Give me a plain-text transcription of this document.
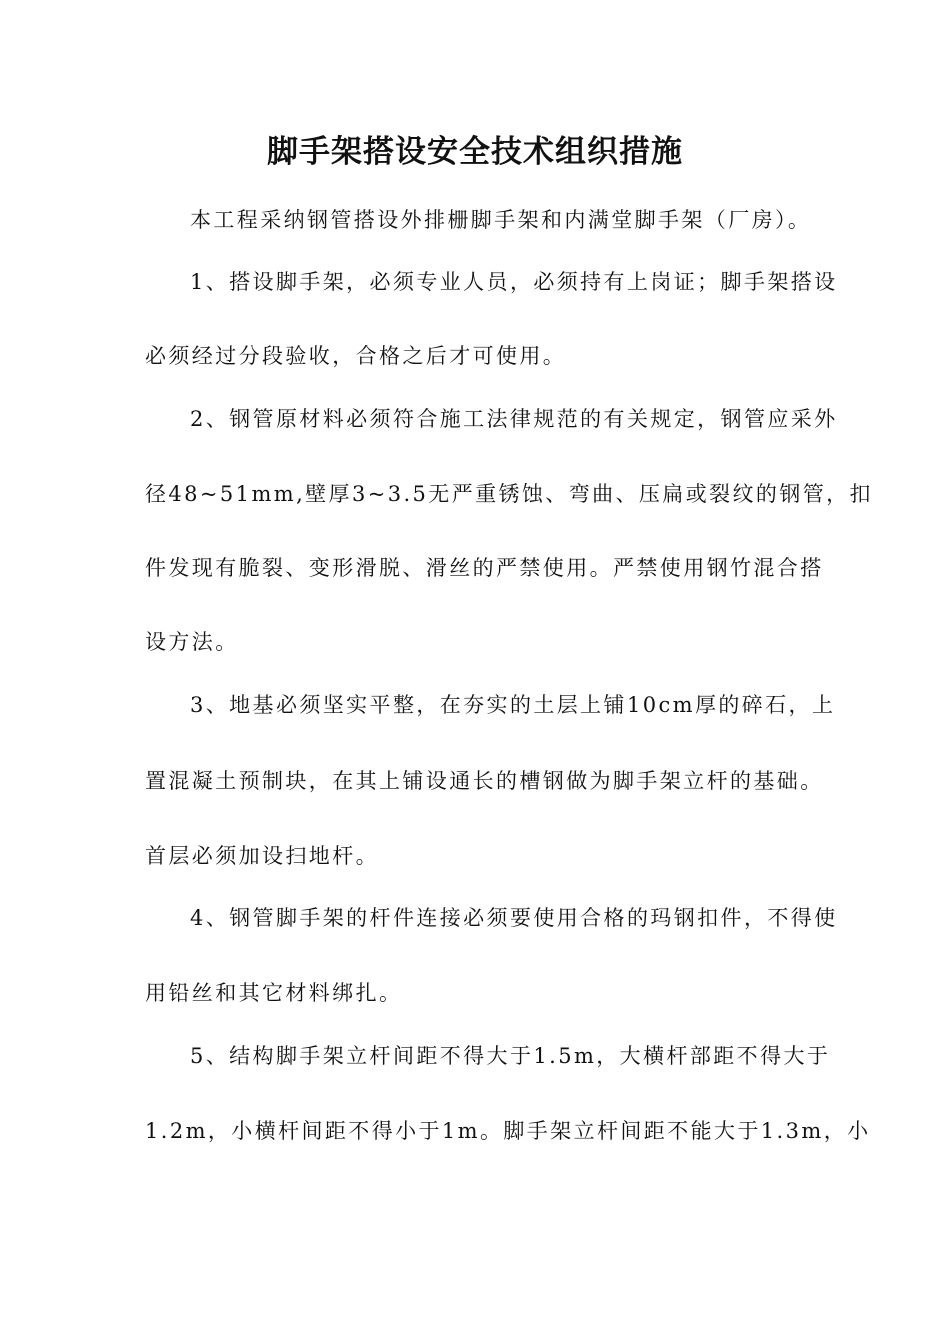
脚手架搭设安全技术组织措施
本工程采纳钢管搭设外排栅脚手架和内满堂脚手架（厂房）。
1、搭设脚手架，必须专业人员，必须持有上岗证；脚手架搭设
必须经过分段验收，合格之后才可使用。
2、钢管原材料必须符合施工法律规范的有关规定，钢管应采外
径48~51mm,壁厚3~3.5无严重锈蚀、弯曲、压扁或裂纹的钢管，扣
件发现有脆裂、变形滑脱、滑丝的严禁使用。严禁使用钢竹混合搭
设方法。
3、地基必须坚实平整，在夯实的土层上铺10cm厚的碎石，上
置混凝土预制块，在其上铺设通长的槽钢做为脚手架立杆的基础。
首层必须加设扫地杆。
4、钢管脚手架的杆件连接必须要使用合格的玛钢扣件，不得使
用铅丝和其它材料绑扎。
5、结构脚手架立杆间距不得大于1.5m，大横杆部距不得大于
1.2m，小横杆间距不得小于1m。脚手架立杆间距不能大于1.3m，小
